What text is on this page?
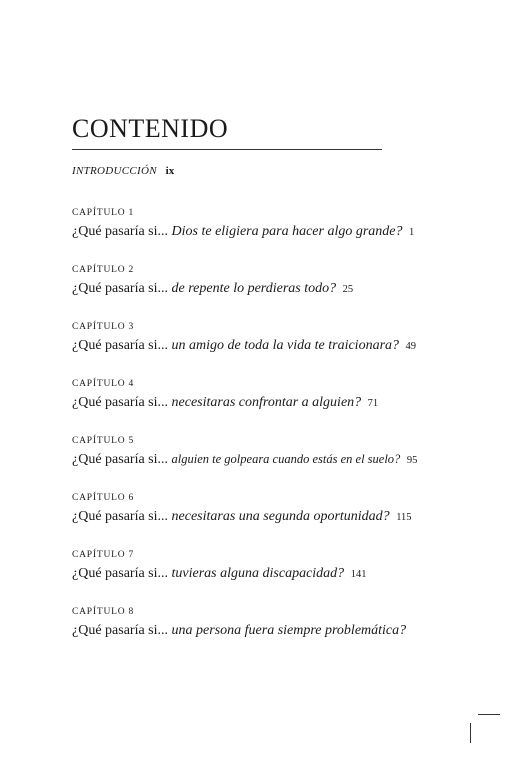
CONTENIDO
INTRODUCCIÓN ix
CAPÍTULO 1
¿Qué pasaría si... Dios te eligiera para hacer algo grande? 1
CAPÍTULO 2
¿Qué pasaría si... de repente lo perdieras todo? 25
CAPÍTULO 3
¿Qué pasaría si... un amigo de toda la vida te traicionara? 49
CAPÍTULO 4
¿Qué pasaría si... necesitaras confrontar a alguien? 71
CAPÍTULO 5
¿Qué pasaría si... alguien te golpeara cuando estás en el suelo? 95
CAPÍTULO 6
¿Qué pasaría si... necesitaras una segunda oportunidad? 115
CAPÍTULO 7
¿Qué pasaría si... tuvieras alguna discapacidad? 141
CAPÍTULO 8
¿Qué pasaría si... una persona fuera siempre problemática?
